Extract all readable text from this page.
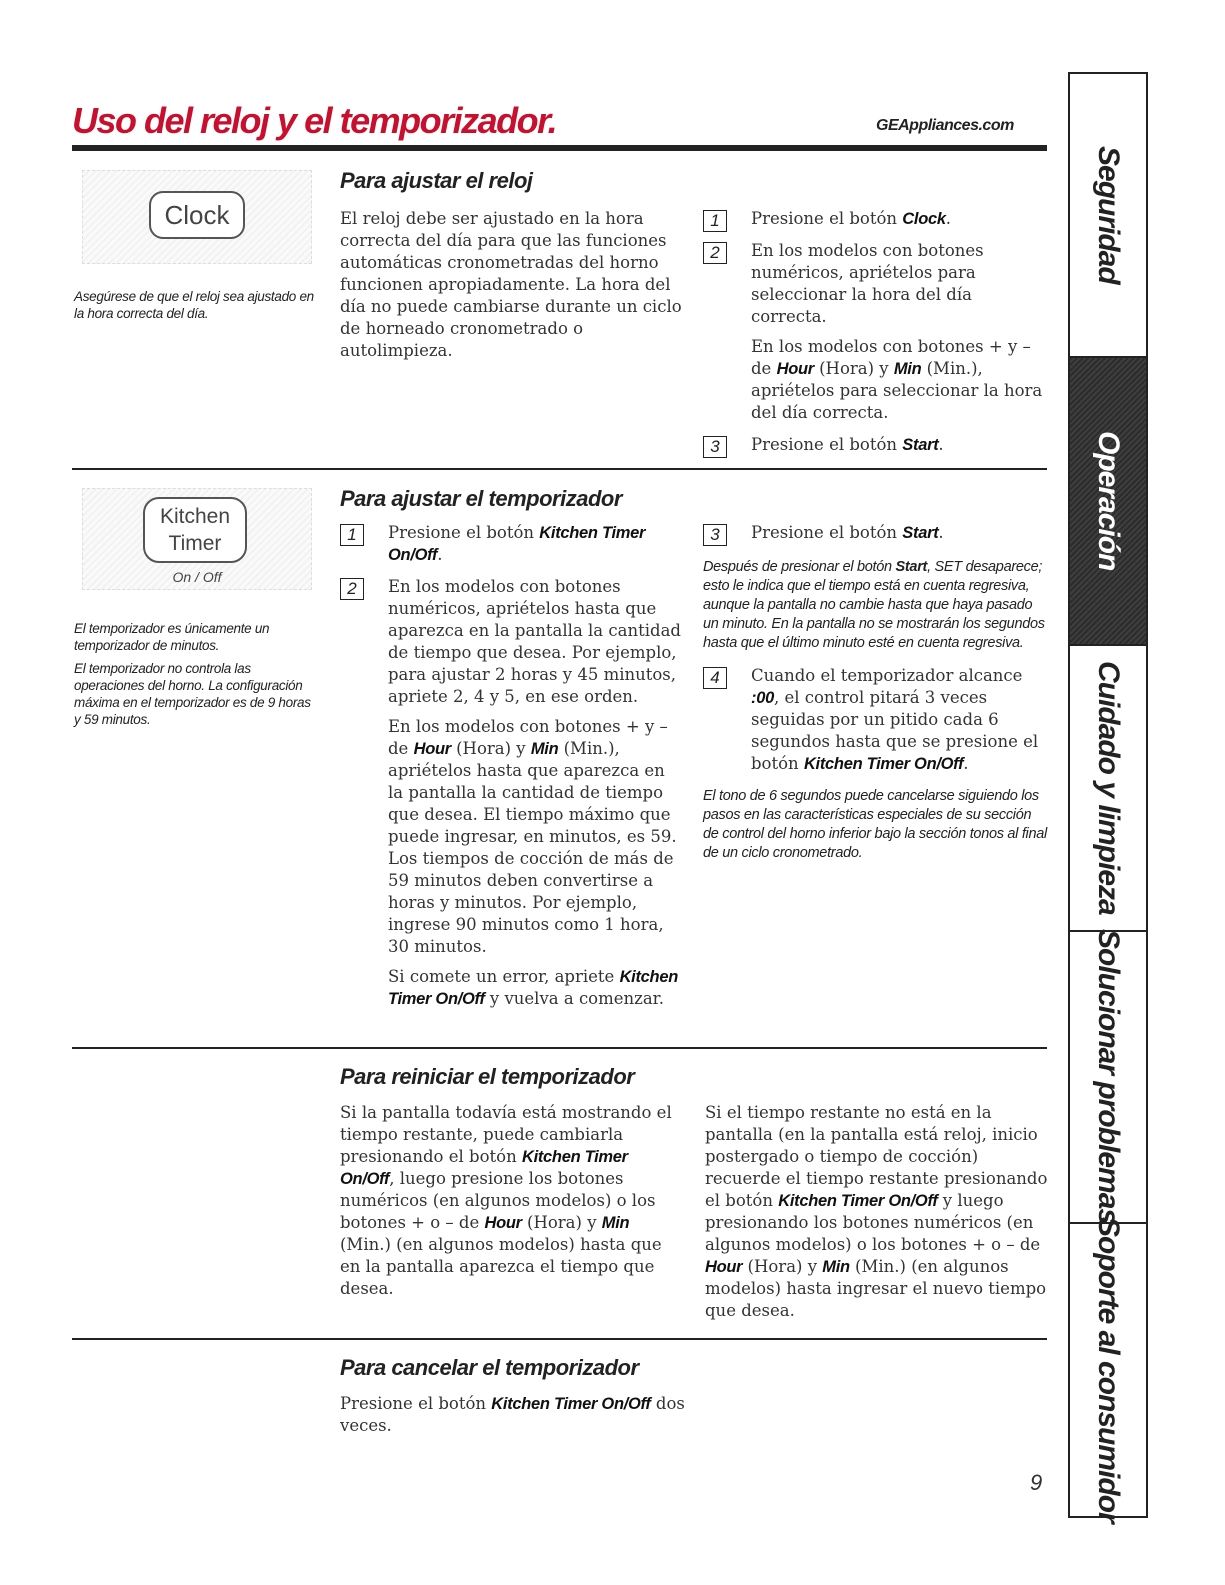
Uso del reloj y el temporizador.	GEAppliances.com
Clock
Asegúrese de que el reloj sea ajustado en la hora correcta del día.
Para ajustar el reloj
El reloj debe ser ajustado en la hora correcta del día para que las funciones automáticas cronometradas del horno funcionen apropiadamente. La hora del día no puede cambiarse durante un ciclo de horneado cronometrado o autolimpieza.
1	Presione el botón Clock.
2	En los modelos con botones numéricos, apriételos para seleccionar la hora del día correcta.
En los modelos con botones + y – de Hour (Hora) y Min (Min.), apriételos para seleccionar la hora del día correcta.
3	Presione el botón Start.
Kitchen
Timer
On / Off

El temporizador es únicamente un temporizador de minutos.

El temporizador no controla las operaciones del horno. La configuración máxima en el temporizador es de 9 horas y 59 minutos.

Para ajustar el temporizador
1	Presione el botón Kitchen Timer On/Off.
2	En los modelos con botones numéricos, apriételos hasta que aparezca en la pantalla la cantidad de tiempo que desea. Por ejemplo, para ajustar 2 horas y 45 minutos, apriete 2, 4 y 5, en ese orden.
En los modelos con botones + y – de Hour (Hora) y Min (Min.), apriételos hasta que aparezca en la pantalla la cantidad de tiempo que desea. El tiempo máximo que puede ingresar, en minutos, es 59. Los tiempos de cocción de más de 59 minutos deben convertirse a horas y minutos. Por ejemplo, ingrese 90 minutos como 1 hora, 30 minutos.
Si comete un error, apriete Kitchen Timer On/Off y vuelva a comenzar.
3	Presione el botón Start.
Después de presionar el botón Start, SET desaparece; esto le indica que el tiempo está en cuenta regresiva, aunque la pantalla no cambie hasta que haya pasado un minuto. En la pantalla no se mostrarán los segundos hasta que el último minuto esté en cuenta regresiva.
4	Cuando el temporizador alcance :00, el control pitará 3 veces seguidas por un pitido cada 6 segundos hasta que se presione el botón Kitchen Timer On/Off.
El tono de 6 segundos puede cancelarse siguiendo los pasos en las características especiales de su sección de control del horno inferior bajo la sección tonos al final de un ciclo cronometrado.
Para reiniciar el temporizador
Si la pantalla todavía está mostrando el tiempo restante, puede cambiarla presionando el botón Kitchen Timer On/Off, luego presione los botones numéricos (en algunos modelos) o los botones + o – de Hour (Hora) y Min (Min.) (en algunos modelos) hasta que en la pantalla aparezca el tiempo que desea.
Si el tiempo restante no está en la pantalla (en la pantalla está reloj, inicio postergado o tiempo de cocción) recuerde el tiempo restante presionando el botón Kitchen Timer On/Off y luego presionando los botones numéricos (en algunos modelos) o los botones + o – de Hour (Hora) y Min (Min.) (en algunos modelos) hasta ingresar el nuevo tiempo que desea.
Para cancelar el temporizador
Presione el botón Kitchen Timer On/Off dos veces.
9
Seguridad
Operación
Cuidado y limpieza
Solucionar problemas
Soporte al consumidor
